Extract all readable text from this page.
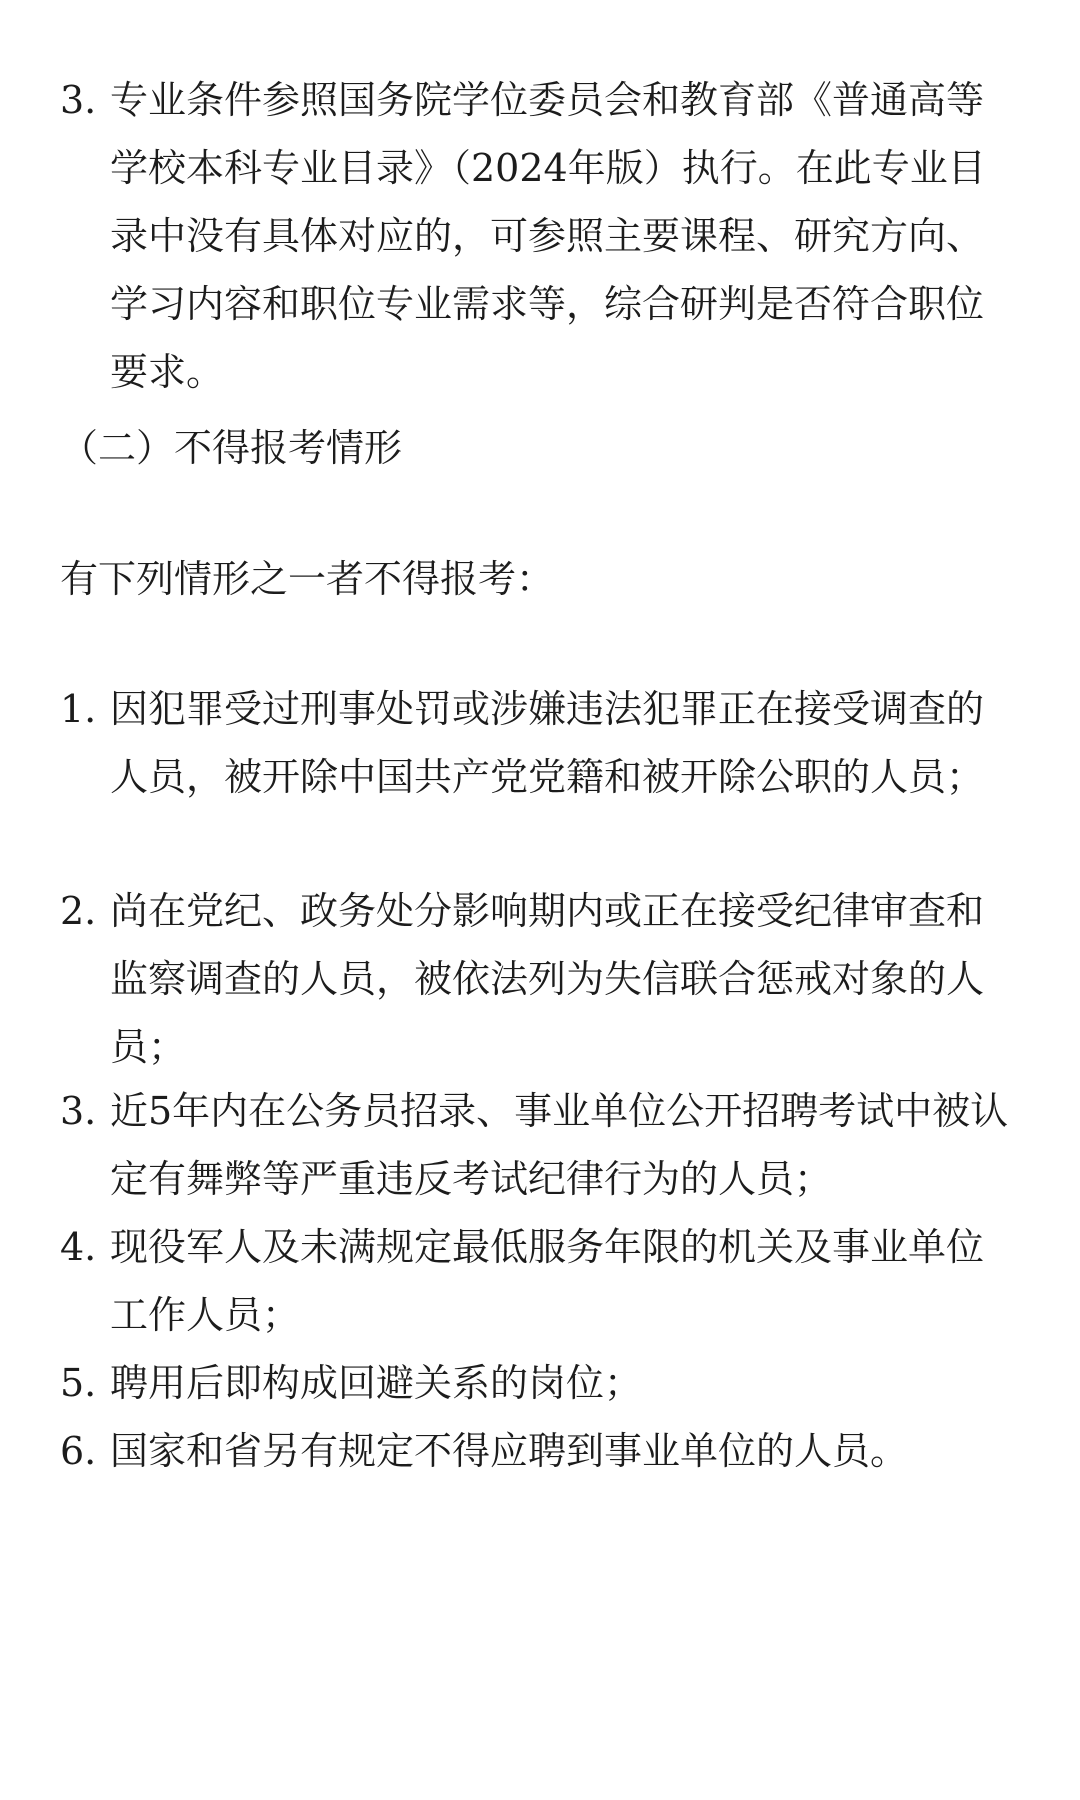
3. 专业条件参照国务院学位委员会和教育部《普通高等学校本科专业目录》（2024年版）执行。在此专业目录中没有具体对应的，可参照主要课程、研究方向、学习内容和职位专业需求等，综合研判是否符合职位要求。
（二）不得报考情形
有下列情形之一者不得报考：
1. 因犯罪受过刑事处罚或涉嫌违法犯罪正在接受调查的人员，被开除中国共产党党籍和被开除公职的人员；
2. 尚在党纪、政务处分影响期内或正在接受纪律审查和监察调查的人员，被依法列为失信联合惩戒对象的人员；
3. 近5年内在公务员招录、事业单位公开招聘考试中被认定有舞弊等严重违反考试纪律行为的人员；
4. 现役军人及未满规定最低服务年限的机关及事业单位工作人员；
5. 聘用后即构成回避关系的岗位；
6. 国家和省另有规定不得应聘到事业单位的人员。
